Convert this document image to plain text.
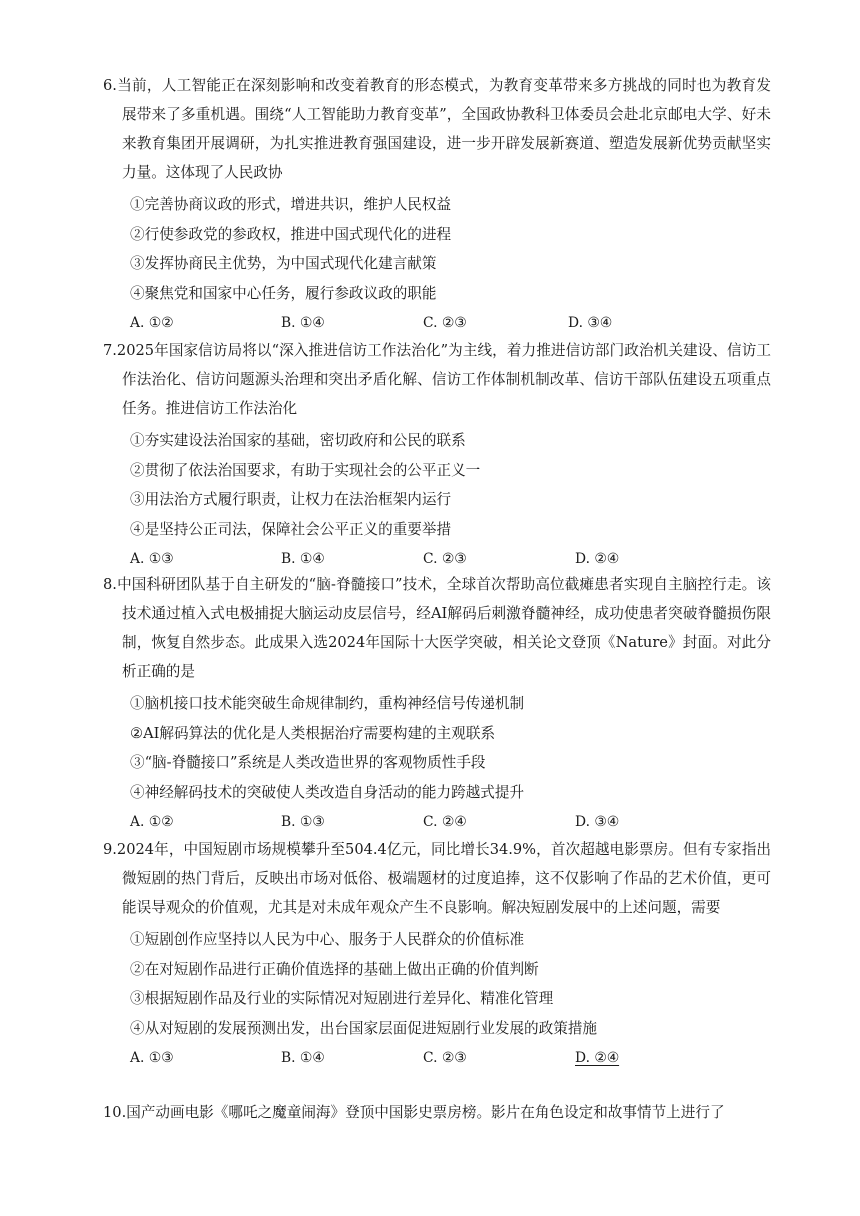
6.当前，人工智能正在深刻影响和改变着教育的形态模式，为教育变革带来多方挑战的同时也为教育发展带来了多重机遇。围绕“人工智能助力教育变革”，全国政协教科卫体委员会赴北京邮电大学、好未来教育集团开展调研，为扎实推进教育强国建设，进一步开辟发展新赛道、塑造发展新优势贡献坚实力量。这体现了人民政协

①完善协商议政的形式，增进共识，维护人民权益

②行使参政党的参政权，推进中国式现代化的进程

③发挥协商民主优势，为中国式现代化建言献策

④聚焦党和国家中心任务，履行参政议政的职能

A. ①②	B. ①④	C. ②③	D. ③④

7.2025年国家信访局将以“深入推进信访工作法治化”为主线，着力推进信访部门政治机关建设、信访工作法治化、信访问题源头治理和突出矛盾化解、信访工作体制机制改革、信访干部队伍建设五项重点任务。推进信访工作法治化

①夯实建设法治国家的基础，密切政府和公民的联系

②贯彻了依法治国要求，有助于实现社会的公平正义一

③用法治方式履行职责，让权力在法治框架内运行

④是坚持公正司法，保障社会公平正义的重要举措

A. ①③	B. ①④	C. ②③	D. ②④

8.中国科研团队基于自主研发的“脑-脊髓接口”技术，全球首次帮助高位截瘫患者实现自主脑控行走。该技术通过植入式电极捕捉大脑运动皮层信号，经AI解码后刺激脊髓神经，成功使患者突破脊髓损伤限制，恢复自然步态。此成果入选2024年国际十大医学突破，相关论文登顶《Nature》封面。对此分析正确的是

①脑机接口技术能突破生命规律制约，重构神经信号传递机制

②AI解码算法的优化是人类根据治疗需要构建的主观联系

③“脑-脊髓接口”系统是人类改造世界的客观物质性手段

④神经解码技术的突破使人类改造自身活动的能力跨越式提升

A. ①②	B. ①③	C. ②④	D. ③④

9.2024年，中国短剧市场规模攀升至504.4亿元，同比增长34.9%，首次超越电影票房。但有专家指出微短剧的热门背后，反映出市场对低俗、极端题材的过度追捧，这不仅影响了作品的艺术价值，更可能误导观众的价值观，尤其是对未成年观众产生不良影响。解决短剧发展中的上述问题，需要

①短剧创作应坚持以人民为中心、服务于人民群众的价值标准

②在对短剧作品进行正确价值选择的基础上做出正确的价值判断

③根据短剧作品及行业的实际情况对短剧进行差异化、精准化管理

④从对短剧的发展预测出发，出台国家层面促进短剧行业发展的政策措施

A. ①③	B. ①④	C. ②③	D. ②④

10.国产动画电影《哪吒之魔童闹海》登顶中国影史票房榜。影片在角色设定和故事情节上进行了
